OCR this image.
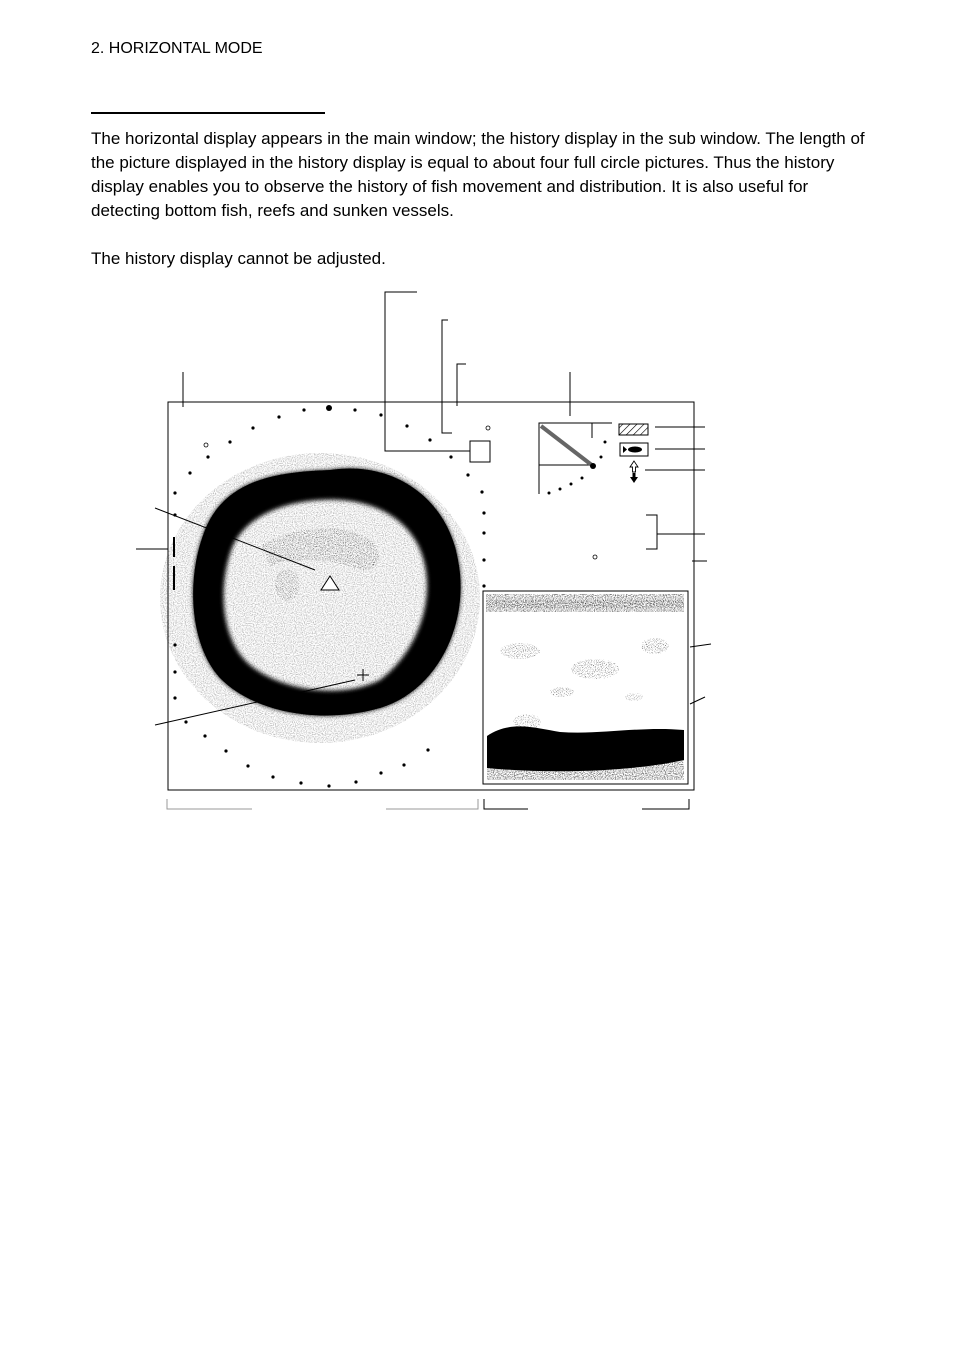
2. HORIZONTAL MODE

The horizontal display appears in the main window; the history display in the sub window. The length of the picture displayed in the history display is equal to about four full circle pictures. Thus the history display enables you to observe the history of fish movement and distribution. It is also useful for detecting bottom fish, reefs and sunken vessels.

The history display cannot be adjusted.
